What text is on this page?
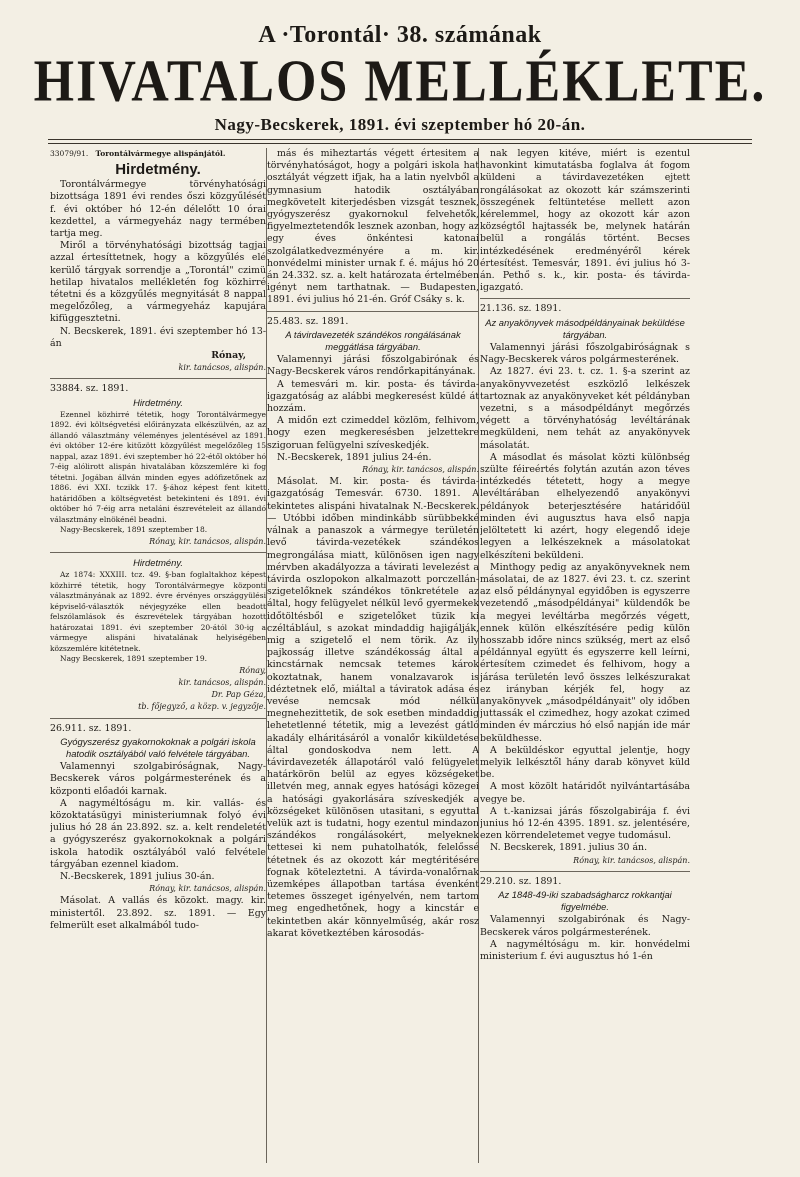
A ·Torontál· 38. számának
HIVATALOS MELLÉKLETE.
Nagy-Becskerek, 1891. évi szeptember hó 20-án.
33079/91. Torontálvármegye alispánjától.
Hirdetmény.

Torontálvármegye törvényhatósági bizottsága 1891 évi rendes őszi közgyűlését f. évi október hó 12-én délelőtt 10 órai kezdettel, a vármegyeház nagy termében tartja meg.

Miről a törvényhatósági bizottság tagjai azzal értesíttetnek, hogy a közgyűlés elé kerülő tárgyak sorrendje a „Torontál" czimü hetilap hivatalos mellékletén fog közhirré tétetni és a közgyűlés megnyitását 8 nappal megelőzőleg, a vármegyeház kapujára kifüggesztetni.

N. Becskerek, 1891. évi szeptember hó 13-án

Rónay,
kir. tanácsos, alispán.
33884. sz. 1891.
Hirdetmény.

Ezennel közhirré tétetik, hogy Torontálvármegye 1892. évi költségvetési előirányzata elkészülvén, az az állandó választmány véleményes jelentésével az 1891. évi október 12-ére kitűzött közgyűlést megelőzőleg 15 nappal, azaz 1891. évi szeptember hó 22-étől október hó 7-éig alólirott alispán hivatalában közszemlére ki fog tétetni. Jogában állván minden egyes adófizetőnek az 1886. évi XXI. tczikk 17. §-ához képest fent kitett határidőben a költségvetést betekinteni és 1891. évi október hó 7-éig arra netaláni észrevételeit az állandó választmány elnökénél beadni.

Nagy-Becskerek, 1891 szeptember 18.

Rónay, kir. tanácsos, alispán.
Hirdetmény.

Az 1874: XXXIII. tcz. 49. §-ban foglaltakhoz képest közhirré tétetik, hogy Torontálvármegye központi választmányának az 1892. évre érvényes országgyülési képviselő-választók névjegyzéke ellen beadott felszólamlások és észrevételek tárgyában hozott határozatai 1891. évi szeptember 20-ától 30-ig a vármegye alispáni hivatalának helyiségében közszemlére kitétetnek.

Nagy Becskerek, 1891 szeptember 19.

Rónay,
kir. tanácsos, alispán.
Dr. Pap Géza,
tb. főjegyző, a közp. v. jegyzője.
26.911. sz. 1891.
Gyógyszerész gyakornokoknak a polgári iskola hatodik osztályából való felvétele tárgyában.

Valamennyi szolgabiróságnak, Nagy-Becskerek város polgármesterének és a központi előadói karnak.

A nagyméltóságu m. kir. vallás- és közoktatásügyi ministeriumnak folyó évi julius hó 28 án 23.892. sz. a. kelt rendeletét a gyógyszerész gyakornokoknak a polgári iskola hatodik osztályából való felvétele tárgyában ezennel kiadom.

N.-Becskerek, 1891 julius 30-án.

Rónay, kir. tanácsos, alispán.

Másolat. A vallás és közokt. magy. kir. ministertől. 23.892. sz. 1891. — Egy felmerült eset alkalmából tudo-

más és miheztartás végett értesitem a törvényhatóságot, hogy a polgári iskola hat osztályát végzett ifjak, ha a latin nyelvből a gymnasium hatodik osztályában megkövetelt kiterjedésben vizsgát tesznek, gyógyszerész gyakornokul felvehetők, figyelmeztetendők lesznek azonban, hogy az egy éves önkéntesi katonai szolgálatkedvezményére a m. kir. honvédelmi minister urnak f. é. május hó 20 án 24.332. sz. a. kelt határozata értelmében igényt nem tarthatnak. — Budapesten, 1891. évi julius hó 21-én. Gróf Csáky s. k.

25.483. sz. 1891.
A távirdavezeték szándékos rongálásának meggátlása tárgyában.

Valamennyi járási főszolgabirónak és Nagy-Becskerek város rendőrkapitányának.

A temesvári m. kir. posta- és távirda-igazgatóság az alábbi megkeresést küldé át hozzám.

A midőn ezt czimeddel közlöm, felhivom, hogy ezen megkeresésben jelzettekre szigoruan felügyelni szíveskedjék.

N.-Becskerek, 1891 julius 24-én.

Rónay, kir. tanácsos, alispán.

Másolat. M. kir. posta- és távirda-igazgatóság Temesvár. 6730. 1891. A tekintetes alispáni hivatalnak N.-Becskerek. — Utóbbi időben mindinkább sürübbekké válnak a panaszok a vármegye területén levő távirda-vezetékek szándékos megrongálása miatt, különösen igen nagy mérvben akadályozza a távirati levelezést a távirda oszlopokon alkalmazott porczellán-szigetelőknek szándékos tönkretétele az által, hogy felügyelet nélkül levő gyermekek időtöltésből e szigetelőket tüzik ki czéltáblául, s azokat mindaddig hajigálják, mig a szigetelő el nem törik. Az ily pajkosság illetve szándékosság által a kincstárnak nemcsak tetemes károk okoztatnak, hanem vonalzavarok is idéztetnek elő, miáltal a táviratok adása és vevése nemcsak mód nélkül megnehezittetik, de sok esetben mindaddig lehetetlenné tétetik, mig a levezést gátló akadály elháritásáról a vonalőr kiküldetése által gondoskodva nem lett. A távirdavezeték állapotáról való felügyelet határkörön belül az egyes községeket illetvén meg, annak egyes hatósági közegei a hatósági gyakorlására szíveskedjék a községeket különösen utasitani, s egyuttal velük azt is tudatni, hogy ezentul mindazon szándékos rongálásokért, melyeknek tettesei ki nem puhatolhatók, felelőssé tétetnek és az okozott kár megtéritésére fognak köteleztetni. A távirda-vonalőrnak üzemképes állapotban tartása évenként tetemes összeget igényelvén, nem tartom meg engedhetőnek, hogy a kincstár e tekintetben akár könnyelműség, akár rosz akarat következtében károsodás-

nak legyen kitéve, miért is ezentul havonkint kimutatásba foglalva át fogom küldeni a távirdavezetéken ejtett rongálásokat az okozott kár számszerinti összegének feltüntetése mellett azon kérelemmel, hogy az okozott kár azon községtől hajtassék be, melynek határán belül a rongálás történt. Becses intézkedésének eredményéről kérek értesítést. Temesvár, 1891. évi julius hó 3-án. Pethő s. k., kir. posta- és távirda-igazgató.

21.136. sz. 1891.
Az anyakönyvek másodpéldányainak beküldése tárgyában.

Valamennyi járási főszolgabiróságnak s Nagy-Becskerek város polgármesterének.

Az 1827. évi 23. t. cz. 1. §-a szerint az anyakönyvvezetést eszközlő lelkészek tartoznak az anyakönyveket két példányban vezetni, s a másodpéldányt megőrzés végett a törvényhatóság levéltárának megküldeni, nem tehát az anyakönyvek másolatát.

A másodlat és másolat közti különbség szülte féireértés folytán azután azon téves intézkedés tétetett, hogy a megye levéltárában elhelyezendő anyakönyvi példányok beterjesztésére határidőül minden évi augusztus hava első napja jelöltetett ki azért, hogy elegendő ideje legyen a lelkészeknek a másolatokat elkészíteni beküldeni.

Minthogy pedig az anyakönyveknek nem másolatai, de az 1827. évi 23. t. cz. szerint az első példánynyal egyidőben is egyszerre vezetendő „másodpéldányai" küldendők be a megyei levéltárba megőrzés végett, ennek külön elkészítésére pedig külön hosszabb időre nincs szükség, mert az első példánnyal együtt és egyszerre kell leírni, értesítem czimedet és felhivom, hogy a járása területén levő összes lelkészurakat ez irányban kérjék fel, hogy az anyakönyvek „másodpéldányait" oly időben juttassák el czimedhez, hogy azokat czimed minden év márczius hó első napján ide már beküldhesse.

A beküldéskor egyuttal jelentje, hogy melyik lelkésztől hány darab könyvet küld be.

A most közölt határidőt nyilvántartásába vegye be.

A t.-kanizsai járás főszolgabirája f. évi junius hó 12-én 4395. 1891. sz. jelentésére, ezen körrendeletemet vegye tudomásul.

N. Becskerek, 1891. julius 30 án.

Rónay, kir. tanácsos, alispán.
29.210. sz. 1891.
Az 1848-49-iki szabadságharcz rokkantjai figyelmébe.

Valamennyi szolgabirónak és Nagy-Becskerek város polgármesterének.

A nagyméltóságu m. kir. honvédelmi ministerium f. évi augusztus hó 1-én
